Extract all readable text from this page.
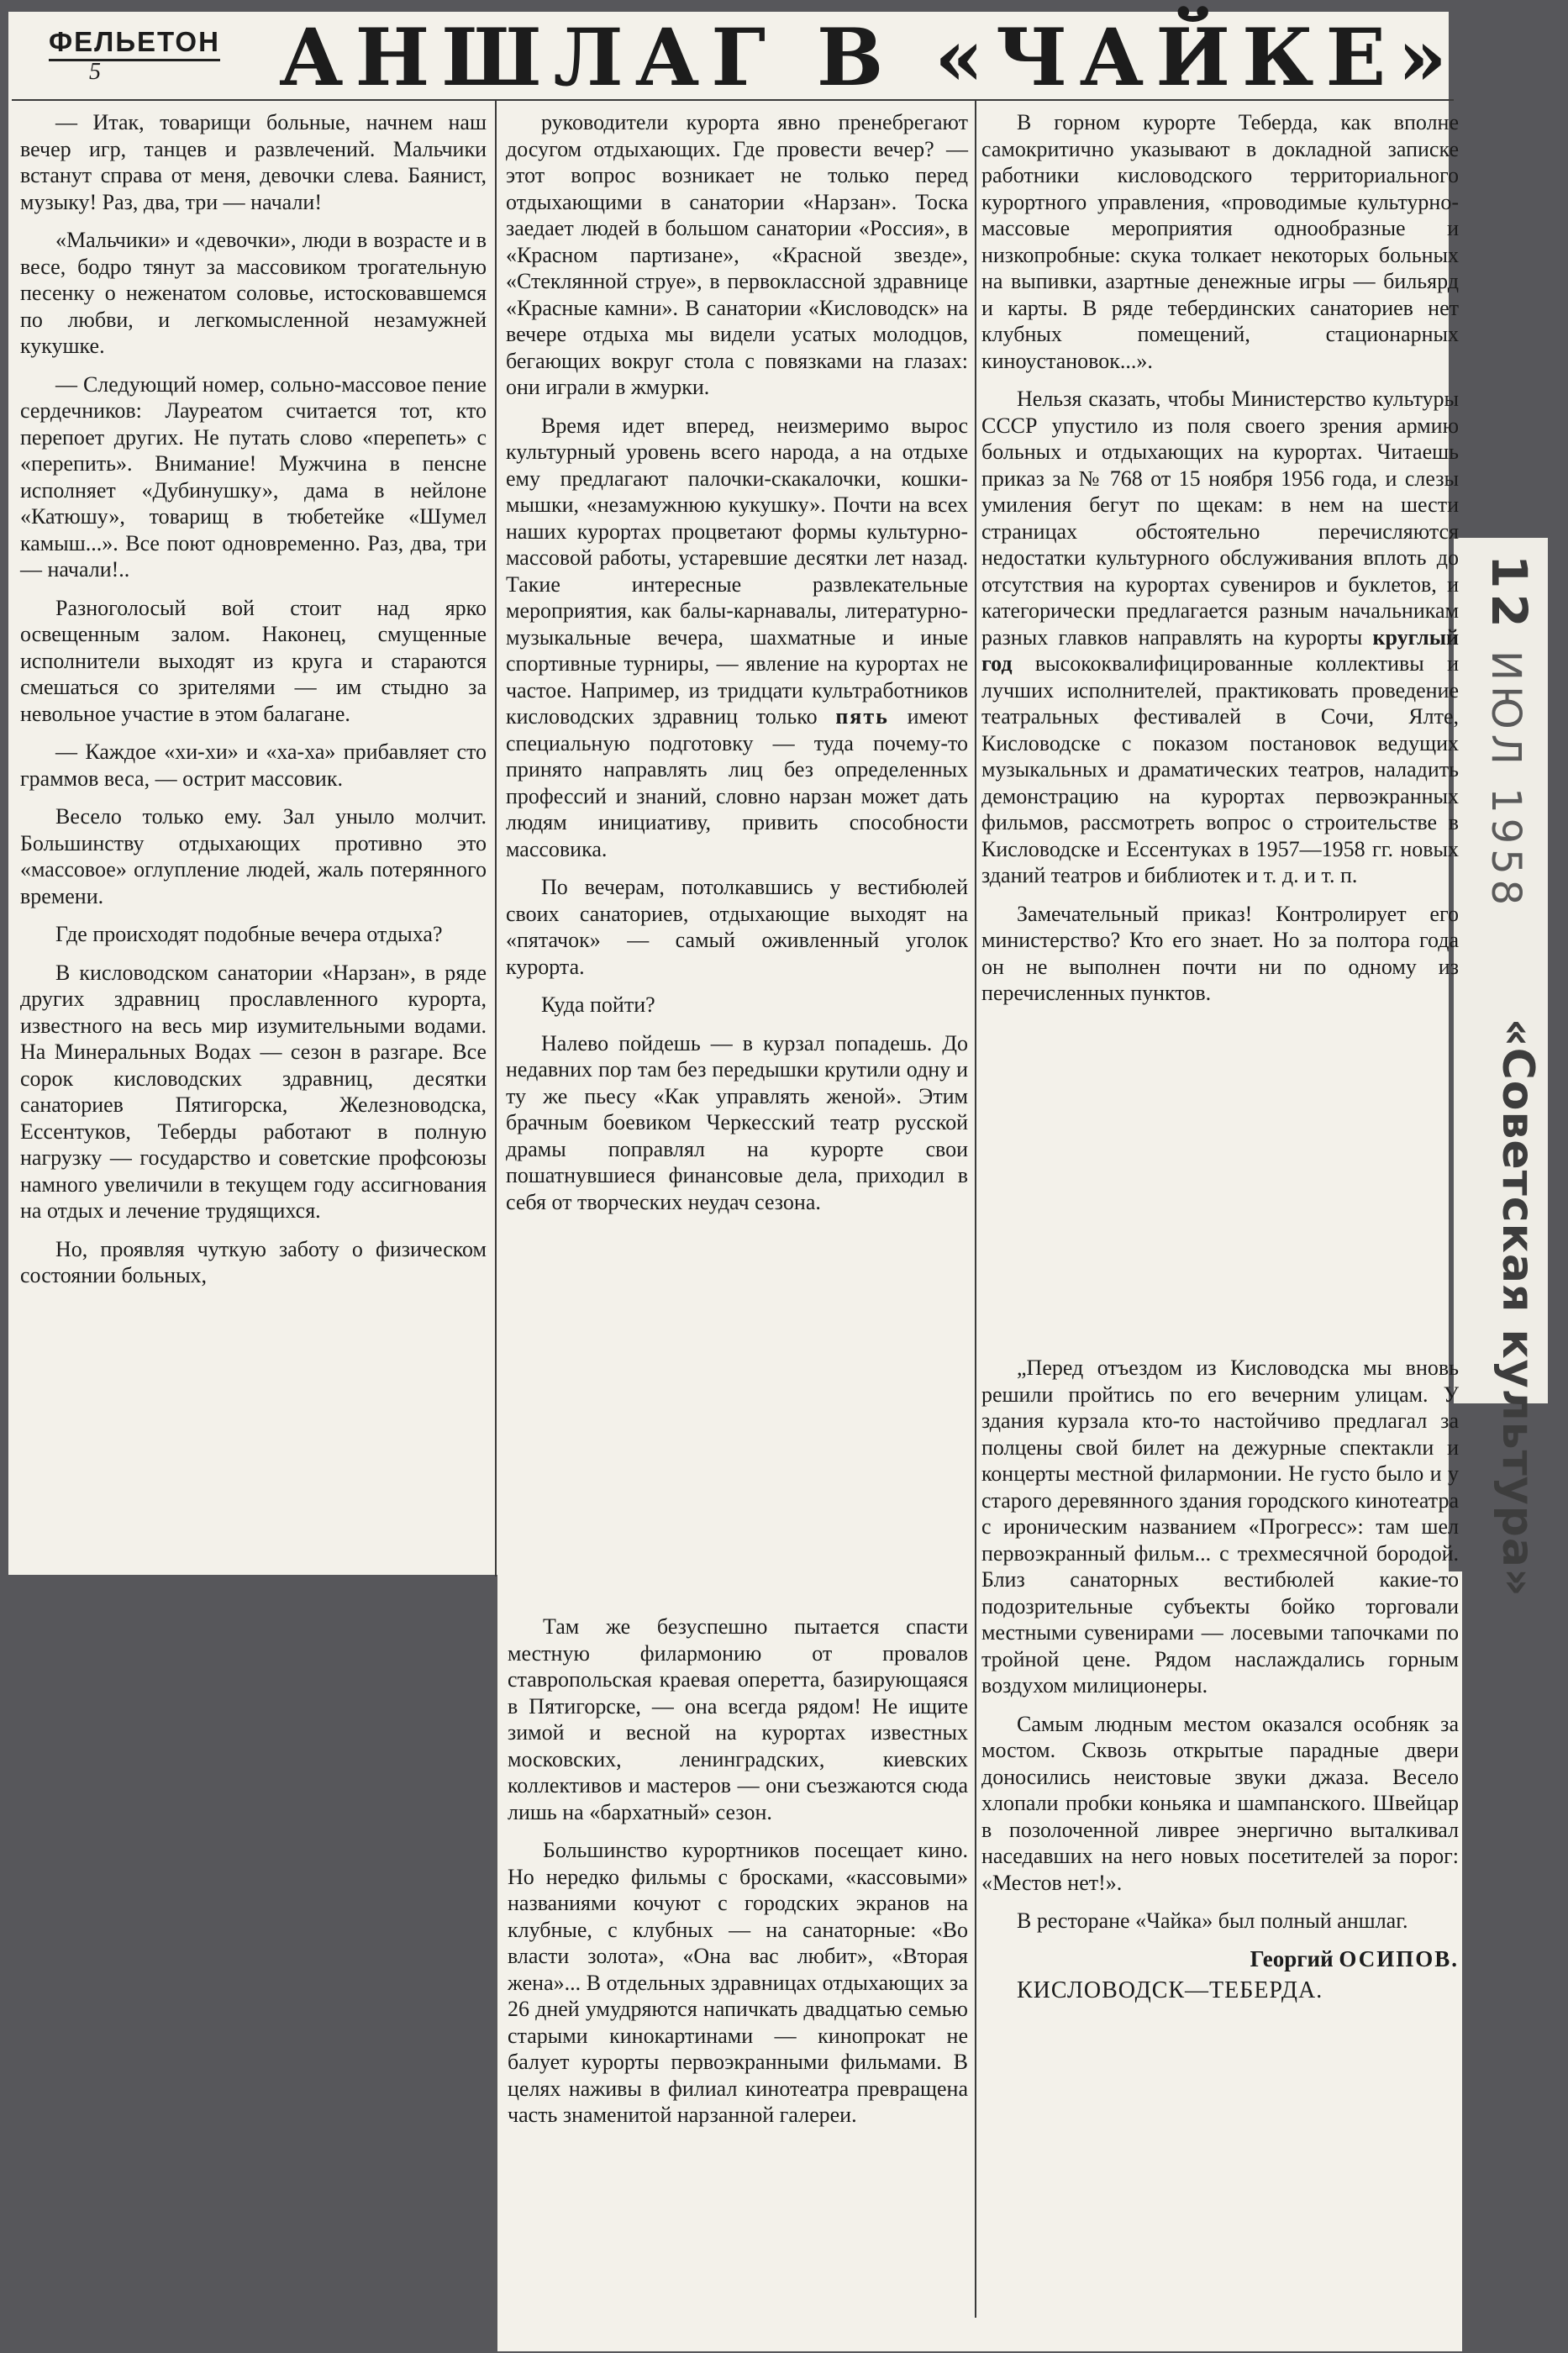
ФЕЛЬЕТОН
5 АНШЛАГ В «ЧАЙКЕ»

— Итак, товарищи больные, начнем наш вечер игр, танцев и развлечений. Мальчики встанут справа от меня, девочки слева. Баянист, музыку! Раз, два, три — начали!

«Мальчики» и «девочки», люди в возрасте и в весе, бодро тянут за массовиком трогательную песенку о неженатом соловье, истосковавшемся по любви, и легкомысленной незамужней кукушке.

— Следующий номер, сольно-массовое пение сердечников: Лауреатом считается тот, кто перепоет других. Не путать слово «перепеть» с «перепить». Внимание! Мужчина в пенсне исполняет «Дубинушку», дама в нейлоне «Катюшу», товарищ в тюбетейке «Шумел камыш...». Все поют одновременно. Раз, два, три — начали!..

Разноголосый вой стоит над ярко освещенным залом. Наконец, смущенные исполнители выходят из круга и стараются смешаться со зрителями — им стыдно за невольное участие в этом балагане.

— Каждое «хи-хи» и «ха-ха» прибавляет сто граммов веса, — острит массовик.

Весело только ему. Зал уныло молчит. Большинству отдыхающих противно это «массовое» оглупление людей, жаль потерянного времени.

Где происходят подобные вечера отдыха?

В кисловодском санатории «Нарзан», в ряде других здравниц прославленного курорта, известного на весь мир изумительными водами. На Минеральных Водах — сезон в разгаре. Все сорок кисловодских здравниц, десятки санаториев Пятигорска, Железноводска, Ессентуков, Теберды работают в полную нагрузку — государство и советские профсоюзы намного увеличили в текущем году ассигнования на отдых и лечение трудящихся.

Но, проявляя чуткую заботу о физическом состоянии больных,

руководители курорта явно пренебрегают досугом отдыхающих. Где провести вечер? — этот вопрос возникает не только перед отдыхающими в санатории «Нарзан». Тоска заедает людей в большом санатории «Россия», в «Красном партизане», «Красной звезде», «Стеклянной струе», в первоклассной здравнице «Красные камни». В санатории «Кисловодск» на вечере отдыха мы видели усатых молодцов, бегающих вокруг стола с повязками на глазах: они играли в жмурки.

Время идет вперед, неизмеримо вырос культурный уровень всего народа, а на отдыхе ему предлагают палочки-скакалочки, кошки-мышки, «незамужнюю кукушку». Почти на всех наших курортах процветают формы культурно-массовой работы, устаревшие десятки лет назад. Такие интересные развлекательные мероприятия, как балы-карнавалы, литературно-музыкальные вечера, шахматные и иные спортивные турниры, — явление на курортах не частое. Например, из тридцати культработников кисловодских здравниц только пять имеют специальную подготовку — туда почему-то принято направлять лиц без определенных профессий и знаний, словно нарзан может дать людям инициативу, привить способности массовика.

По вечерам, потолкавшись у вестибюлей своих санаториев, отдыхающие выходят на «пятачок» — самый оживленный уголок курорта.

Куда пойти?

Налево пойдешь — в курзал попадешь. До недавних пор там без передышки крутили одну и ту же пьесу «Как управлять женой». Этим брачным боевиком Черкесский театр русской драмы поправлял на курорте свои пошатнувшиеся финансовые дела, приходил в себя от творческих неудач сезона.

Там же безуспешно пытается спасти местную филармонию от провалов ставропольская краевая оперетта, базирующаяся в Пятигорске, — она всегда рядом! Не ищите зимой и весной на курортах известных московских, ленинградских, киевских коллективов и мастеров — они съезжаются сюда лишь на «бархатный» сезон.

Большинство курортников посещает кино. Но нередко фильмы с бросками, «кассовыми» названиями кочуют с городских экранов на клубные, с клубных — на санаторные: «Во власти золота», «Она вас любит», «Вторая жена»... В отдельных здравницах отдыхающих за 26 дней умудряются напичкать двадцатью семью старыми кинокартинами — кинопрокат не балует курорты первоэкранными фильмами. В целях наживы в филиал кинотеатра превращена часть знаменитой нарзанной галереи.

В горном курорте Теберда, как вполне самокритично указывают в докладной записке работники кисловодского территориального курортного управления, «проводимые культурно-массовые мероприятия однообразные и низкопробные: скука толкает некоторых больных на выпивки, азартные денежные игры — бильярд и карты. В ряде тебердинских санаториев нет клубных помещений, стационарных киноустановок...».

Нельзя сказать, чтобы Министерство культуры СССР упустило из поля своего зрения армию больных и отдыхающих на курортах. Читаешь приказ за № 768 от 15 ноября 1956 года, и слезы умиления бегут по щекам: в нем на шести страницах обстоятельно перечисляются недостатки культурного обслуживания вплоть до отсутствия на курортах сувениров и буклетов, и категорически предлагается разным начальникам разных главков направлять на курорты круглый год высококвалифицированные коллективы и лучших исполнителей, практиковать проведение театральных фестивалей в Сочи, Ялте, Кисловодске с показом постановок ведущих музыкальных и драматических театров, наладить демонстрацию на курортах первоэкранных фильмов, рассмотреть вопрос о строительстве в Кисловодске и Ессентуках в 1957—1958 гг. новых зданий театров и библиотек и т. д. и т. п.

Замечательный приказ! Контролирует его министерство? Кто его знает. Но за полтора года он не выполнен почти ни по одному из перечисленных пунктов.

„Перед отъездом из Кисловодска мы вновь решили пройтись по его вечерним улицам. У здания курзала кто-то настойчиво предлагал за полцены свой билет на дежурные спектакли и концерты местной филармонии. Не густо было и у старого деревянного здания городского кинотеатра с ироническим названием «Прогресс»: там шел первоэкранный фильм... с трехмесячной бородой. Близ санаторных вестибюлей какие-то подозрительные субъекты бойко торговали местными сувенирами — лосевыми тапочками по тройной цене. Рядом наслаждались горным воздухом милиционеры.

Самым людным местом оказался особняк за мостом. Сквозь открытые парадные двери доносились неистовые звуки джаза. Весело хлопали пробки коньяка и шампанского. Швейцар в позолоченной ливрее энергично выталкивал наседавших на него новых посетителей за порог: «Местов нет!».

В ресторане «Чайка» был полный аншлаг.

Георгий ОСИПОВ.

КИСЛОВОДСК—ТЕБЕРДА.

12 ИЮЛ 1958
«Советская культура»
